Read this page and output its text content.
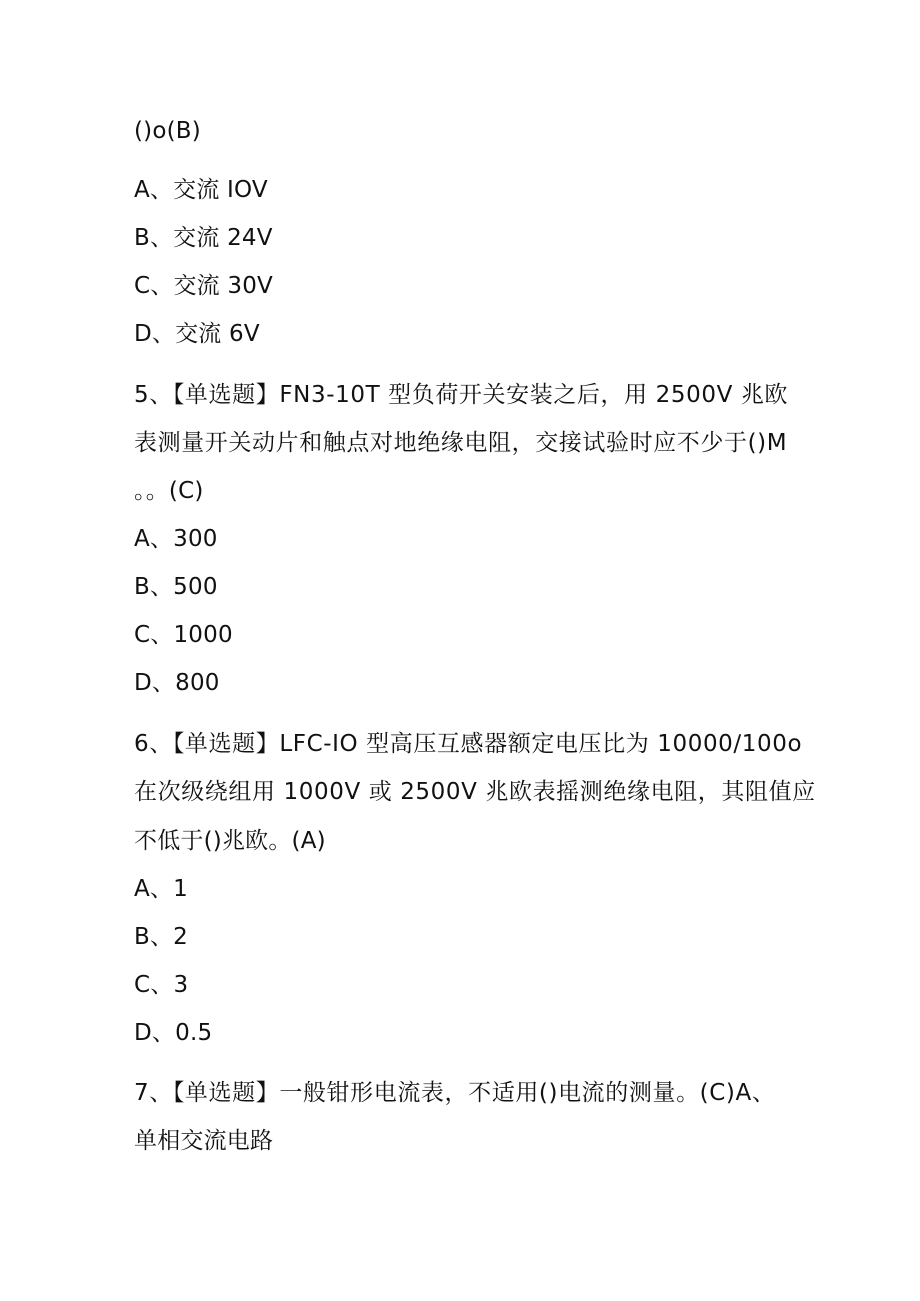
()o(B)
A、交流 IOV
B、交流 24V
C、交流 30V
D、交流 6V
5、【单选题】FN3-10T 型负荷开关安装之后，用 2500V 兆欧
表测量开关动片和触点对地绝缘电阻，交接试验时应不少于()M
。。(C)
A、300
B、500
C、1000
D、800
6、【单选题】LFC-IO 型高压互感器额定电压比为 10000∕100o
在次级绕组用 1000V 或 2500V 兆欧表摇测绝缘电阻，其阻值应
不低于()兆欧。(A)
A、1
B、2
C、3
D、0.5
7、【单选题】一般钳形电流表，不适用()电流的测量。(C)A、
单相交流电路
